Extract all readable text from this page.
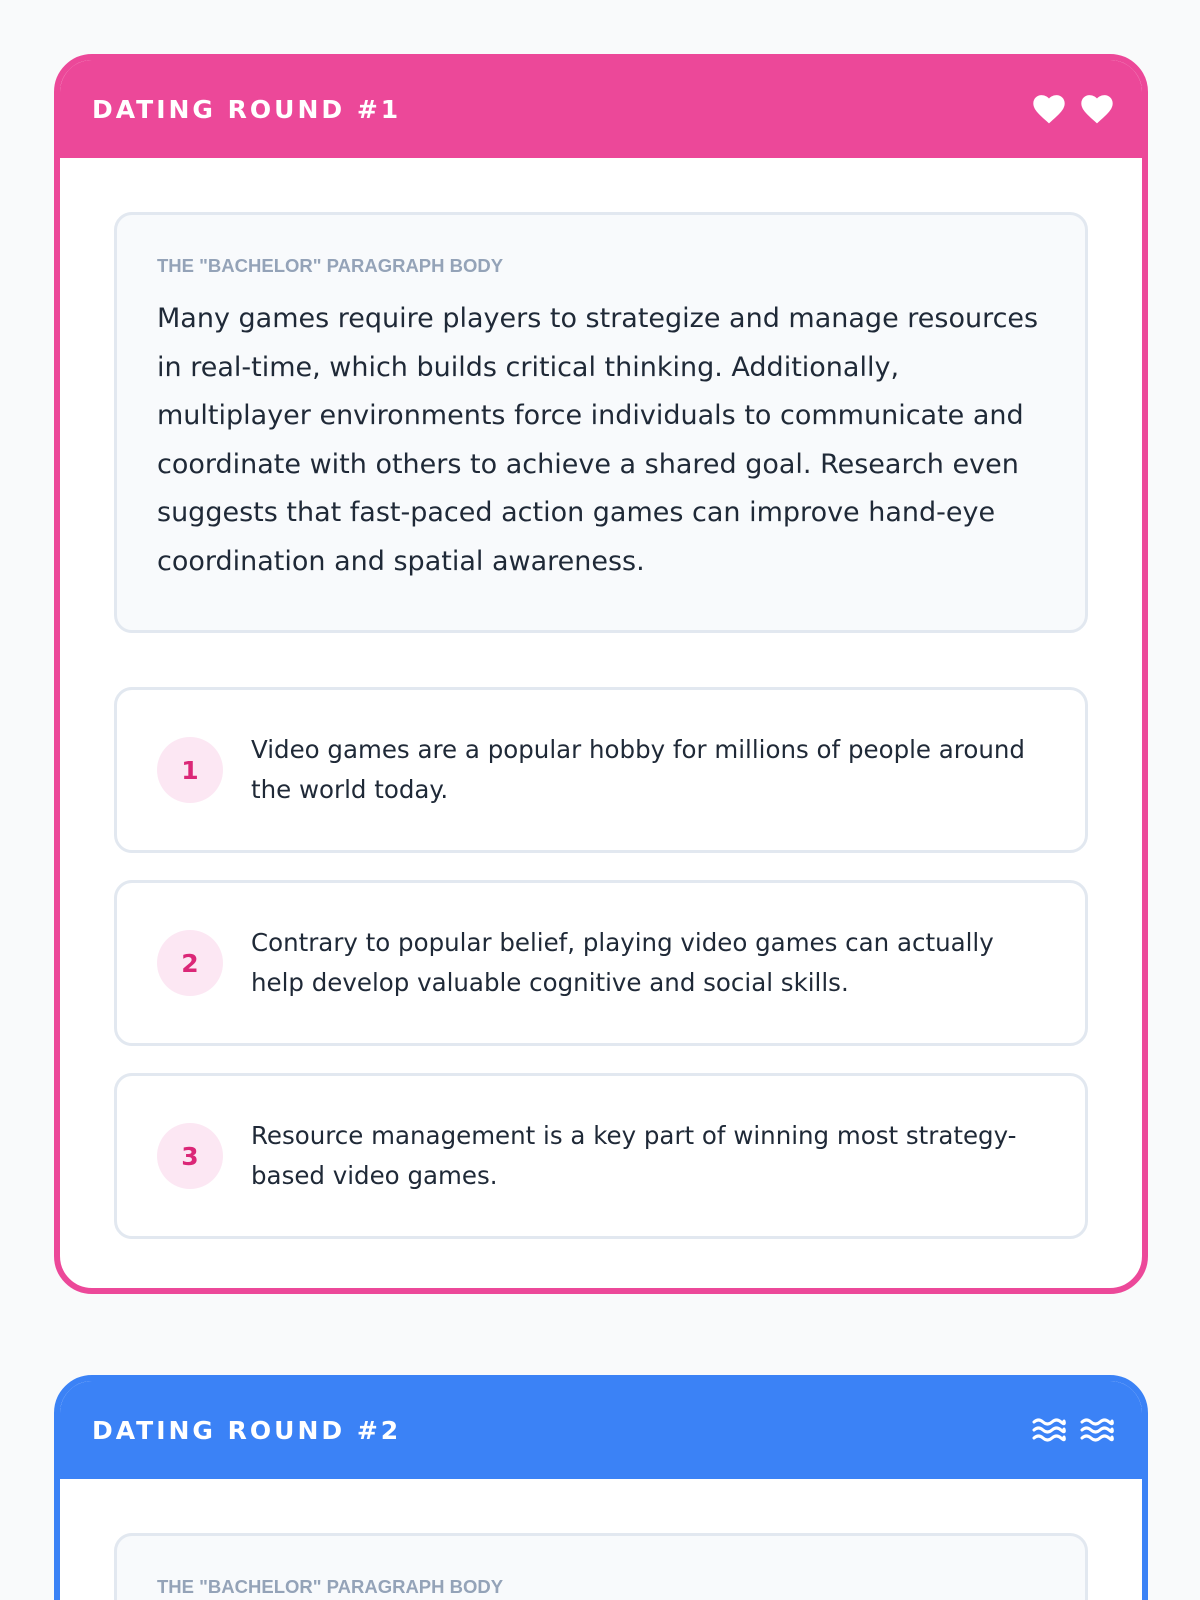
DATING ROUND #1
THE "BACHELOR" PARAGRAPH BODY
Many games require players to strategize and manage resources in real-time, which builds critical thinking. Additionally, multiplayer environments force individuals to communicate and coordinate with others to achieve a shared goal. Research even suggests that fast-paced action games can improve hand-eye coordination and spatial awareness.
1
Video games are a popular hobby for millions of people around the world today.
2
Contrary to popular belief, playing video games can actually help develop valuable cognitive and social skills.
3
Resource management is a key part of winning most strategy-based video games.
DATING ROUND #2
THE "BACHELOR" PARAGRAPH BODY
